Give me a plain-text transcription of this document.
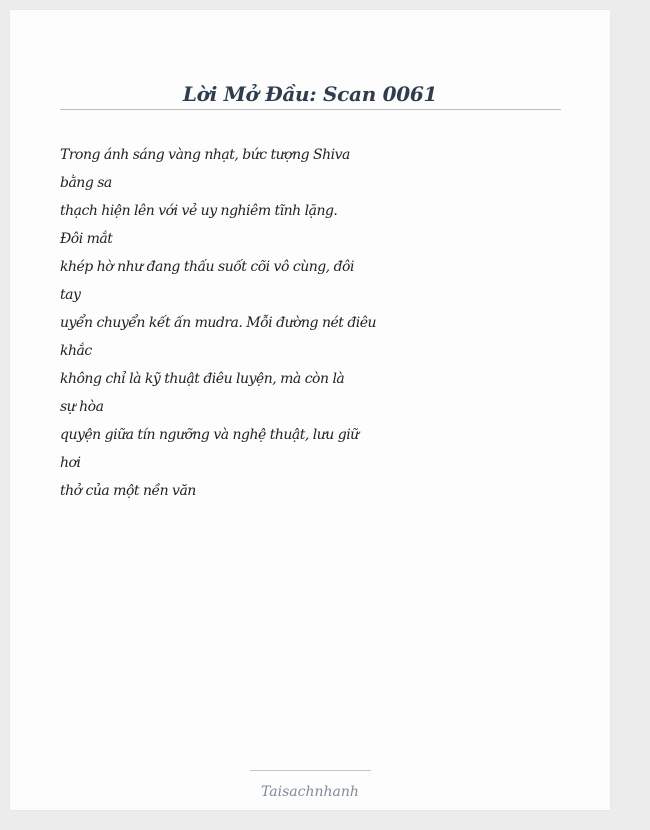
Lời Mở Đầu: Scan 0061
Trong ánh sáng vàng nhạt, bức tượng Shiva
bằng sa
thạch hiện lên với vẻ uy nghiêm tĩnh lặng.
Đôi mắt
khép hờ như đang thấu suốt cõi vô cùng, đôi
tay
uyển chuyển kết ấn mudra. Mỗi đường nét điêu
khắc
không chỉ là kỹ thuật điêu luyện, mà còn là
sự hòa
quyện giữa tín ngưỡng và nghệ thuật, lưu giữ
hơi
thở của một nền văn
Taisachnhanh
